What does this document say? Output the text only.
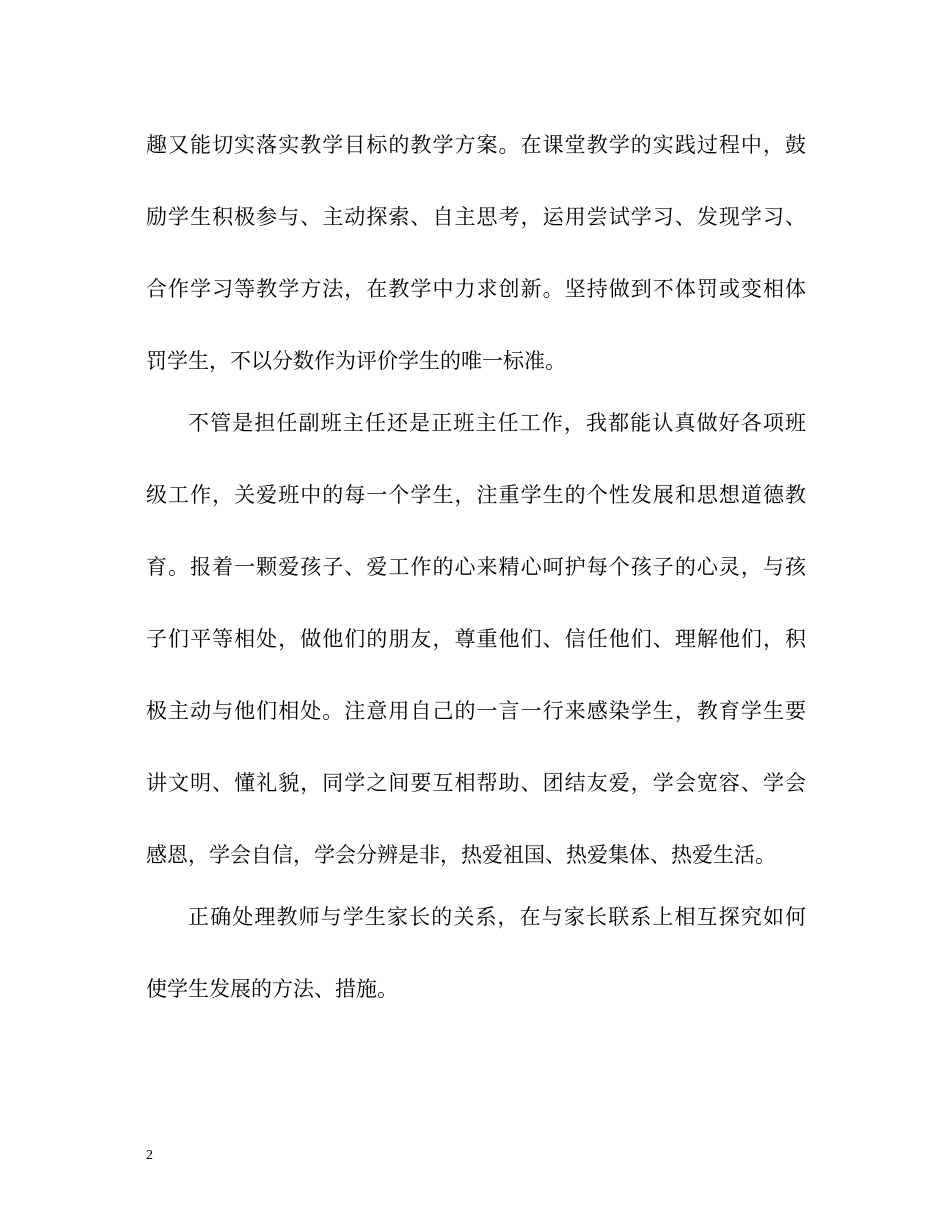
趣又能切实落实教学目标的教学方案。在课堂教学的实践过程中，鼓
励学生积极参与、主动探索、自主思考，运用尝试学习、发现学习、
合作学习等教学方法，在教学中力求创新。坚持做到不体罚或变相体
罚学生，不以分数作为评价学生的唯一标准。
不管是担任副班主任还是正班主任工作，我都能认真做好各项班
级工作，关爱班中的每一个学生，注重学生的个性发展和思想道德教
育。报着一颗爱孩子、爱工作的心来精心呵护每个孩子的心灵，与孩
子们平等相处，做他们的朋友，尊重他们、信任他们、理解他们，积
极主动与他们相处。注意用自己的一言一行来感染学生，教育学生要
讲文明、懂礼貌，同学之间要互相帮助、团结友爱，学会宽容、学会
感恩，学会自信，学会分辨是非，热爱祖国、热爱集体、热爱生活。
正确处理教师与学生家长的关系，在与家长联系上相互探究如何
使学生发展的方法、措施。
2
